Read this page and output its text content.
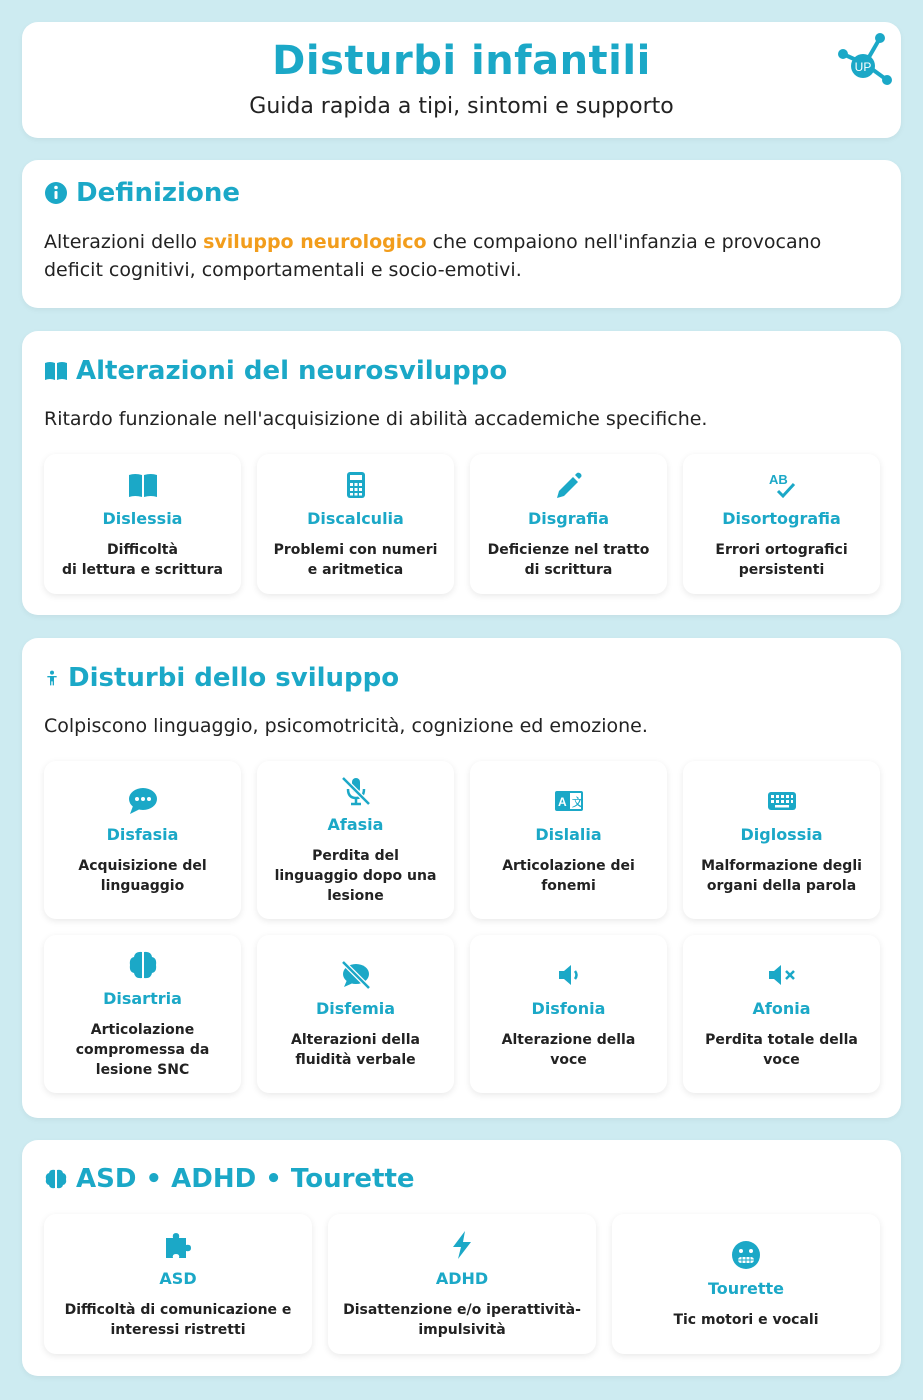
Disturbi infantili
Guida rapida a tipi, sintomi e supporto
UP
Definizione
Alterazioni dello sviluppo neurologico che compaiono nell'infanzia e provocano deficit cognitivi, comportamentali e socio-emotivi.
Alterazioni del neurosviluppo
Ritardo funzionale nell'acquisizione di abilità accademiche specifiche.
Dislessia
Difficoltà
di lettura e scrittura
Discalculia
Problemi con numeri e aritmetica
Disgrafia
Deficienze nel tratto di scrittura
AB
Disortografia
Errori ortografici persistenti
Disturbi dello sviluppo
Colpiscono linguaggio, psicomotricità, cognizione ed emozione.
Disfasia
Acquisizione del linguaggio
Afasia
Perdita del linguaggio dopo una lesione
A 文
Dislalia
Articolazione dei fonemi
Diglossia
Malformazione degli organi della parola
Disartria
Articolazione compromessa da lesione SNC
Disfemia
Alterazioni della fluidità verbale
Disfonia
Alterazione della voce
Afonia
Perdita totale della voce
ASD • ADHD • Tourette
ASD
Difficoltà di comunicazione e interessi ristretti
ADHD
Disattenzione e/o iperattività-impulsività
Tourette
Tic motori e vocali
